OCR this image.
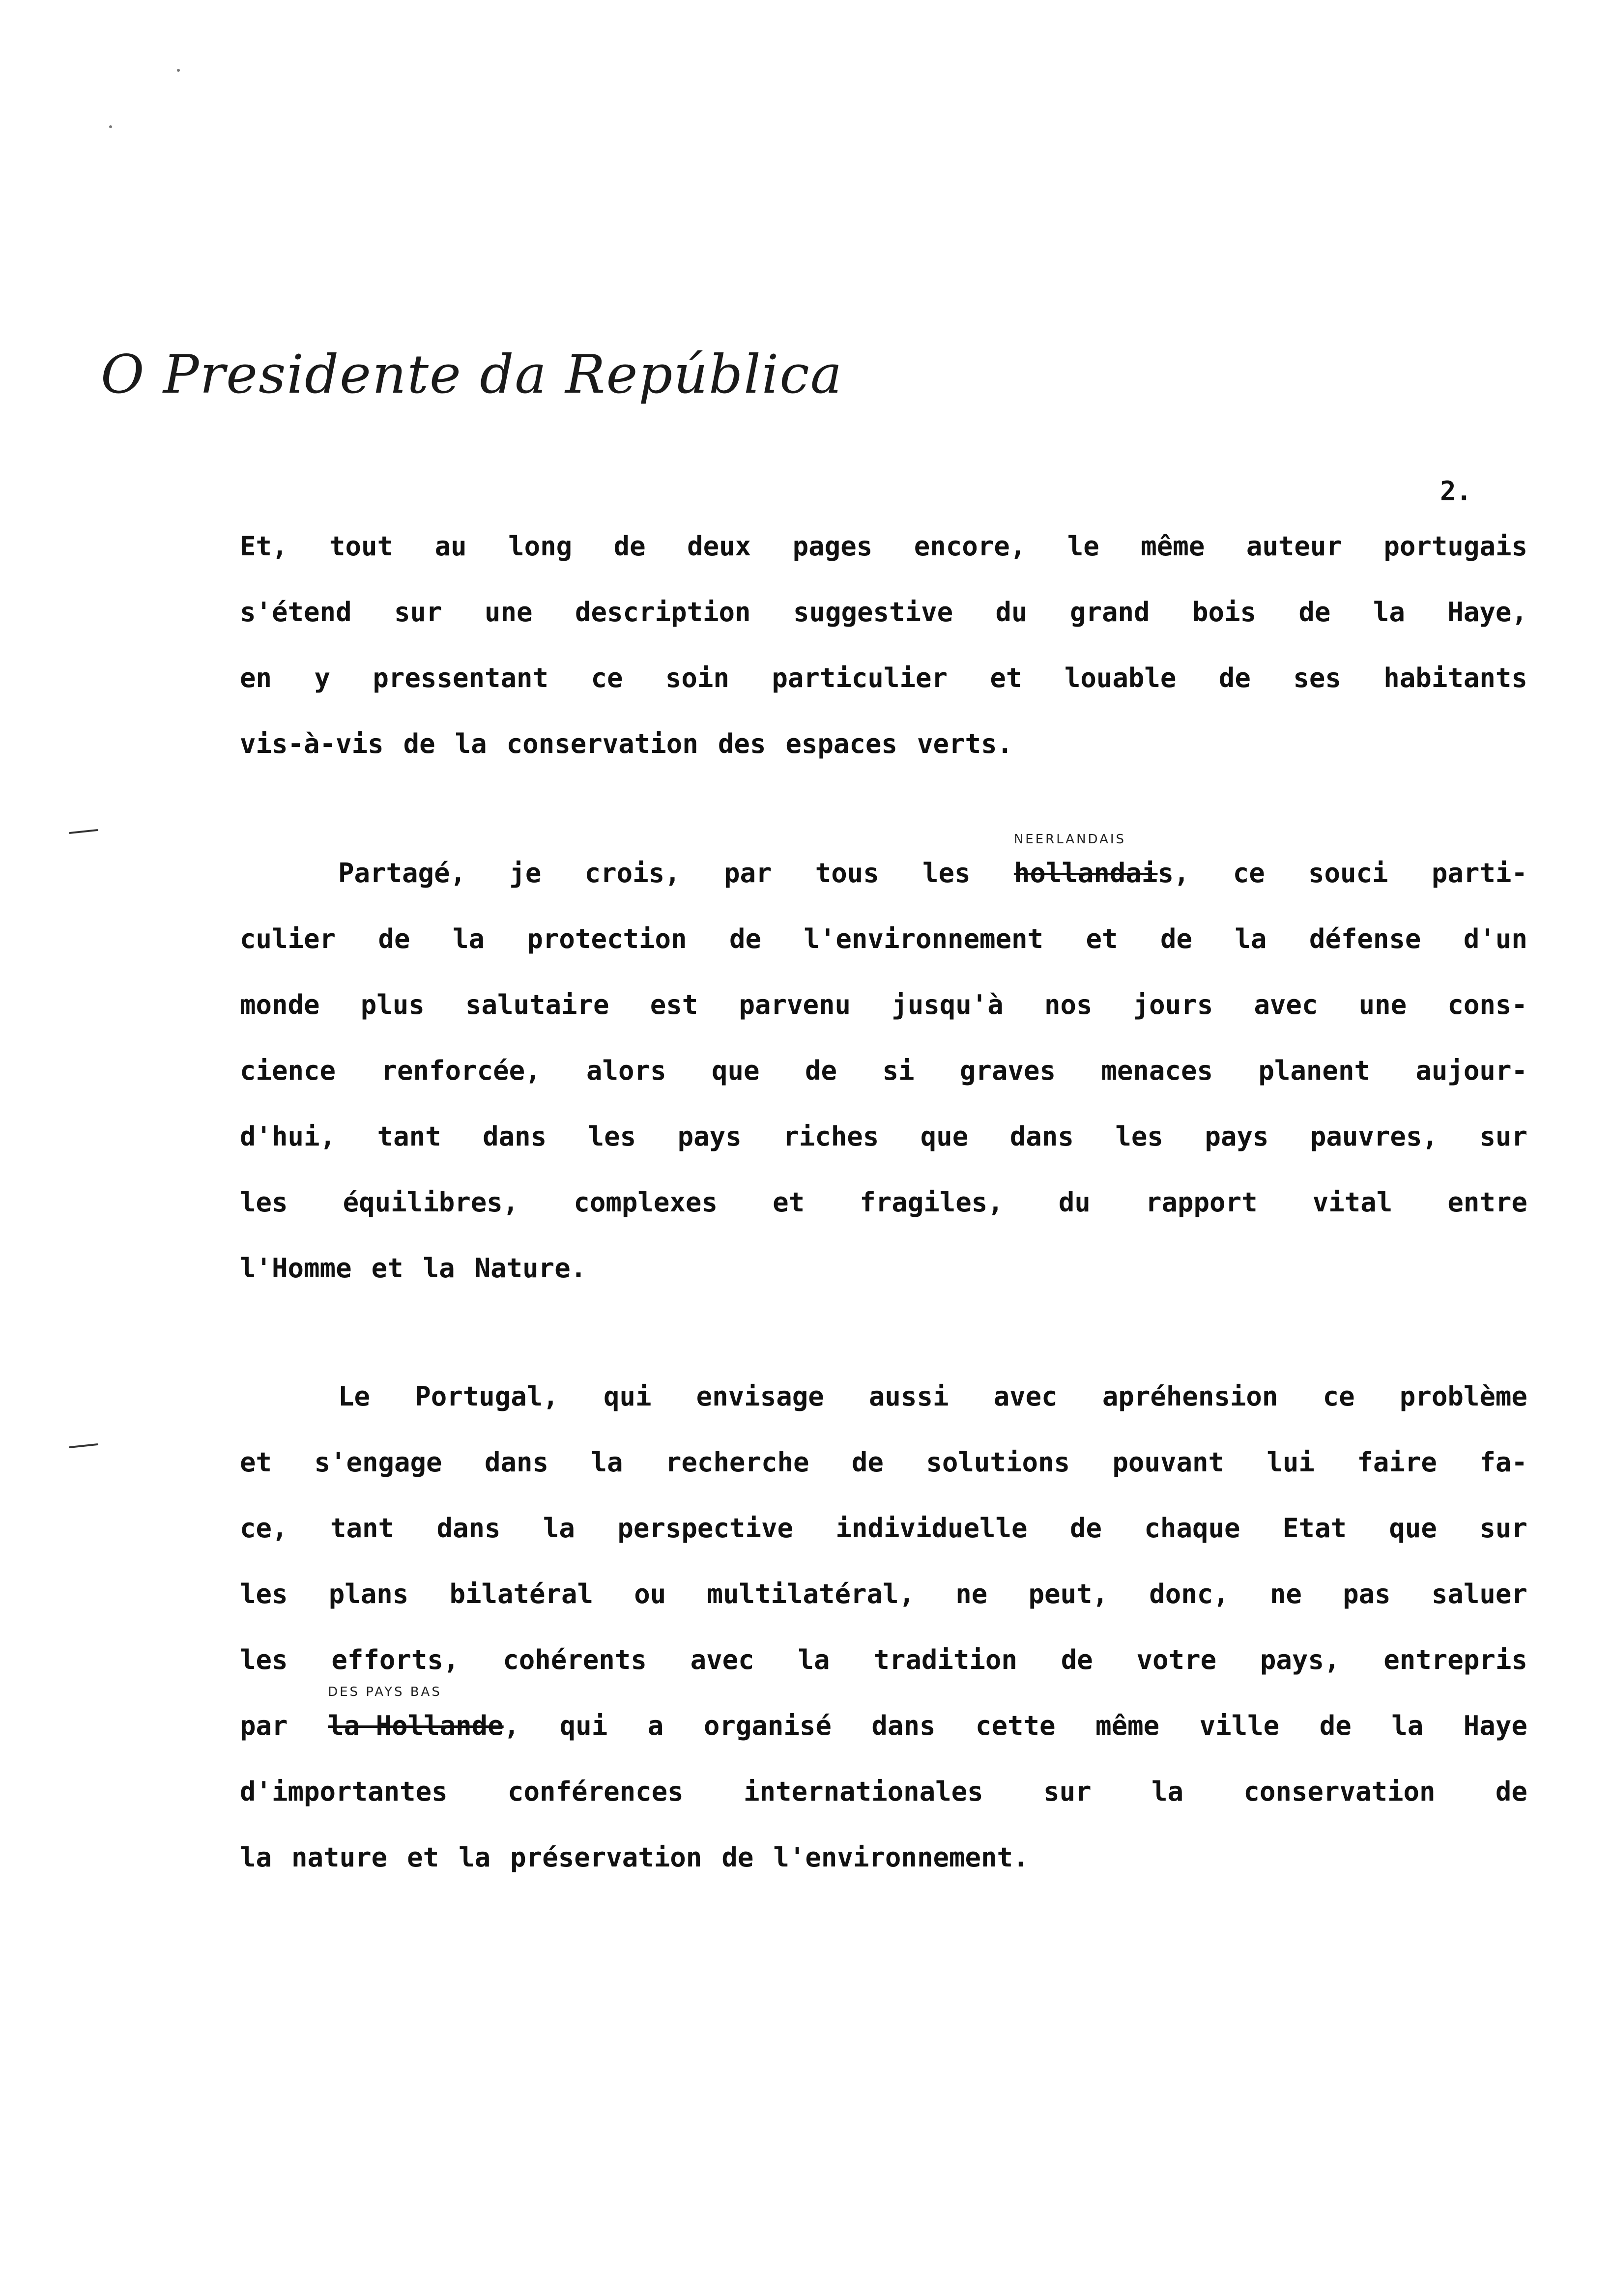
O Presidente da República
2.
Et, tout au long de deux pages encore, le même auteur portugais
s'étend sur une description suggestive du grand bois de la Haye,
en y pressentant ce soin particulier et louable de ses habitants
vis-à-vis de la conservation des espaces verts.
Partagé, je crois, par tous les
NEERLANDAIS
hollandais, ce souci parti-
culier de la protection de l'environnement et de la défense d'un
monde plus salutaire est parvenu jusqu'à nos jours avec une cons-
cience renforcée, alors que de si graves menaces planent aujour-
d'hui, tant dans les pays riches que dans les pays pauvres, sur
les équilibres, complexes et fragiles, du rapport vital entre
l'Homme et la Nature.
Le Portugal, qui envisage aussi avec apréhension ce problème
et s'engage dans la recherche de solutions pouvant lui faire fa-
ce, tant dans la perspective individuelle de chaque Etat que sur
les plans bilatéral ou multilatéral, ne peut, donc, ne pas saluer
les efforts, cohérents avec la tradition de votre pays, entrepris
par
DES PAYS BAS
la Hollande, qui a organisé dans cette même ville de la Haye
d'importantes conférences internationales sur la conservation de
la nature et la préservation de l'environnement.
